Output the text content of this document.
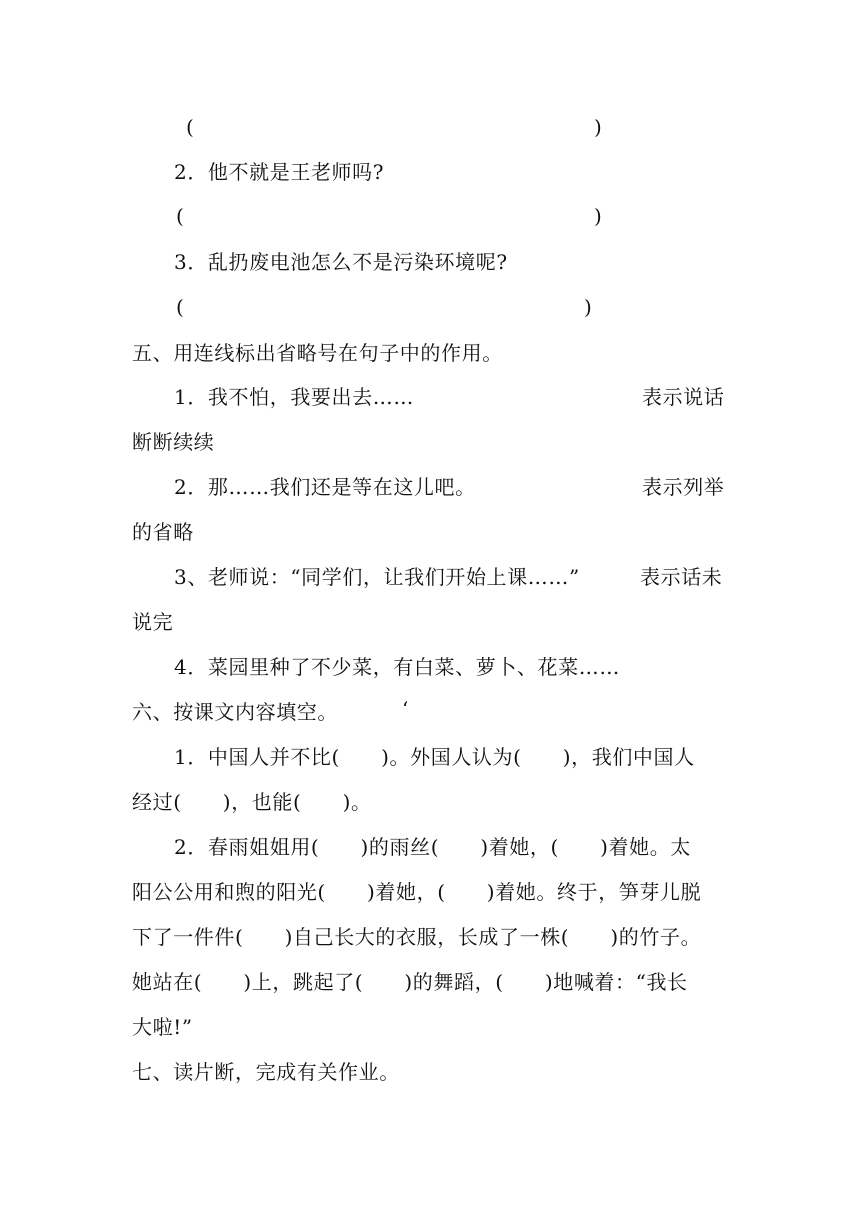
(	)
2．他不就是王老师吗?
(	)
3．乱扔废电池怎么不是污染环境呢?
(	)
五、用连线标出省略号在句子中的作用。
1．我不怕，我要出去……	表示说话
断断续续
2．那……我们还是等在这儿吧。	表示列举
的省略
3、老师说：“同学们，让我们开始上课……”	表示话未
说完
4．菜园里种了不少菜，有白菜、萝卜、花菜……
六、按课文内容填空。	‘
1．中国人并不比(　　)。外国人认为(　　)，我们中国人
经过(　　)，也能(　　)。
2．春雨姐姐用(　　)的雨丝(　　)着她，(　　)着她。太
阳公公用和煦的阳光(　　)着她，(　　)着她。终于，笋芽儿脱
下了一件件(　　)自己长大的衣服，长成了一株(　　)的竹子。
她站在(　　)上，跳起了(　　)的舞蹈，(　　)地喊着：“我长
大啦!”
七、读片断，完成有关作业。
